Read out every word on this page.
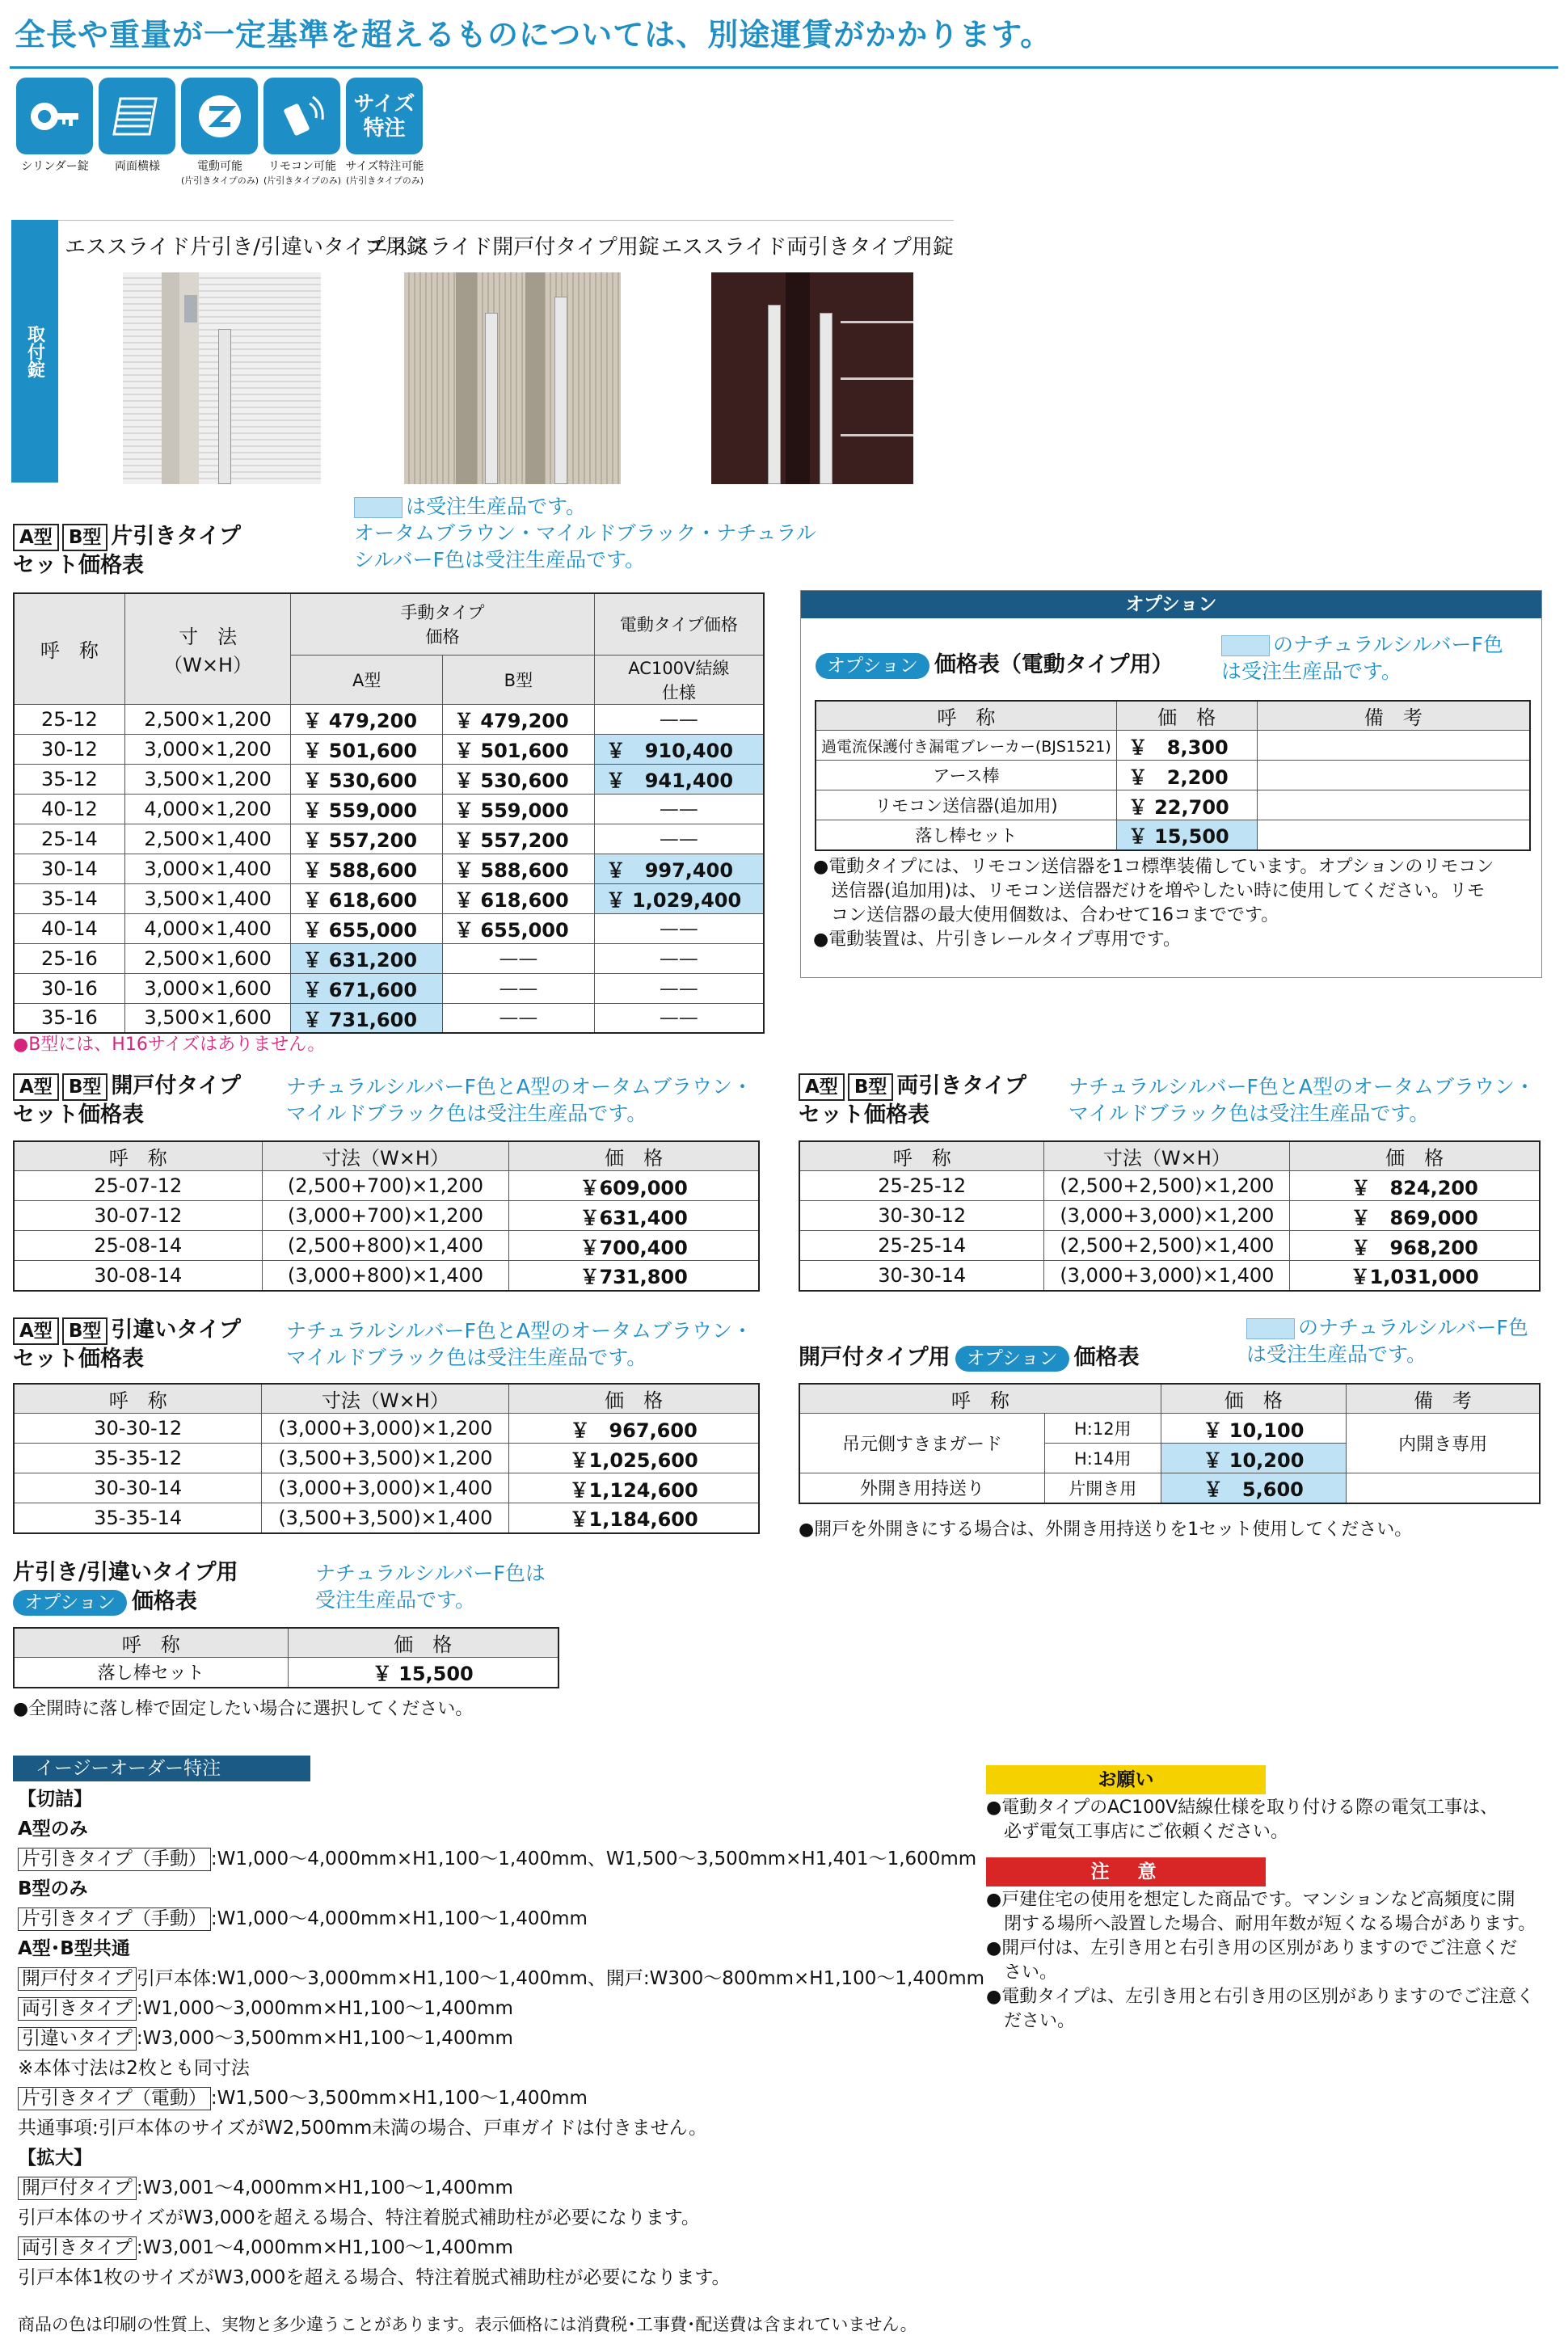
全長や重量が一定基準を超えるものについては、別途運賃がかかります。
サイズ特注
シリンダー錠	両面横様	電動可能
(片引きタイプのみ)
リモコン可能
(片引きタイプのみ)
サイズ特注可能
(片引きタイプのみ)
取付錠
エススライド片引き/引違いタイプ用錠
エススライド開戸付タイプ用錠 エススライド両引きタイプ用錠
は受注生産品です。
オータムブラウン・マイルドブラック・ナチュラル
シルバーF色は受注生産品です。
A型 B型 片引きタイプ
セット価格表
呼　称	寸　法
（W×H）	手動タイプ
価格		電動タイプ価格
		A型	B型	AC100V結線
仕様
25-12	2,500×1,200	￥ 479,200	￥ 479,200	——
30-12	3,000×1,200	￥ 501,600	￥ 501,600	￥　910,400
35-12	3,500×1,200	￥ 530,600	￥ 530,600	￥　941,400
40-12	4,000×1,200	￥ 559,000	￥ 559,000	——
25-14	2,500×1,400	￥ 557,200	￥ 557,200	——
30-14	3,000×1,400	￥ 588,600	￥ 588,600	￥　997,400
35-14	3,500×1,400	￥ 618,600	￥ 618,600	￥ 1,029,400
40-14	4,000×1,400	￥ 655,000	￥ 655,000	——
25-16	2,500×1,600	￥ 631,200	——	——
30-16	3,000×1,600	￥ 671,600	——	——
35-16	3,500×1,600	￥ 731,600	——	——
●B型には、H16サイズはありません。
オプション
オプション 価格表（電動タイプ用）
のナチュラルシルバーF色
は受注生産品です。
呼　称	価　格	備　考
過電流保護付き漏電ブレーカー(BJS1521)	￥　8,300	
アース棒	￥　2,200	
リモコン送信器(追加用)	￥ 22,700	
落し棒セット	￥ 15,500	
●電動タイプには、リモコン送信器を1コ標準装備しています。オプションのリモコン
　送信器(追加用)は、リモコン送信器だけを増やしたい時に使用してください。リモ
　コン送信器の最大使用個数は、合わせて16コまでです。
●電動装置は、片引きレールタイプ専用です。
A型 B型 開戸付タイプ
セット価格表
ナチュラルシルバーF色とA型のオータムブラウン・
マイルドブラック色は受注生産品です。
呼　称	寸法（W×H）	価　格
25-07-12	(2,500+700)×1,200	￥609,000
30-07-12	(3,000+700)×1,200	￥631,400
25-08-14	(2,500+800)×1,400	￥700,400
30-08-14	(3,000+800)×1,400	￥731,800
A型 B型 両引きタイプ
セット価格表
ナチュラルシルバーF色とA型のオータムブラウン・
マイルドブラック色は受注生産品です。
呼　称	寸法（W×H）	価　格
25-25-12	(2,500+2,500)×1,200	￥　824,200
30-30-12	(3,000+3,000)×1,200	￥　869,000
25-25-14	(2,500+2,500)×1,400	￥　968,200
30-30-14	(3,000+3,000)×1,400	￥1,031,000
A型 B型 引違いタイプ
セット価格表
ナチュラルシルバーF色とA型のオータムブラウン・
マイルドブラック色は受注生産品です。
呼　称	寸法（W×H）	価　格
30-30-12	(3,000+3,000)×1,200	￥　967,600
35-35-12	(3,500+3,500)×1,200	￥1,025,600
30-30-14	(3,000+3,000)×1,400	￥1,124,600
35-35-14	(3,500+3,500)×1,400	￥1,184,600
開戸付タイプ用 オプション 価格表
のナチュラルシルバーF色
は受注生産品です。
呼　称		価　格	備　考
吊元側すきまガード	H:12用	￥ 10,100	内開き専用
	H:14用	￥ 10,200	
外開き用持送り	片開き用	￥　5,600	
●開戸を外開きにする場合は、外開き用持送りを1セット使用してください。
片引き/引違いタイプ用
オプション 価格表
ナチュラルシルバーF色は
受注生産品です。
呼　称	価　格
落し棒セット	￥ 15,500
●全開時に落し棒で固定したい場合に選択してください。
イージーオーダー特注
【切詰】
A型のみ
片引きタイプ（手動） :W1,000～4,000mm×H1,100～1,400mm、W1,500～3,500mm×H1,401～1,600mm
B型のみ
片引きタイプ（手動） :W1,000～4,000mm×H1,100～1,400mm
A型･B型共通
開戸付タイプ 引戸本体:W1,000～3,000mm×H1,100～1,400mm、開戸:W300～800mm×H1,100～1,400mm
両引きタイプ :W1,000～3,000mm×H1,100～1,400mm
引違いタイプ :W3,000～3,500mm×H1,100～1,400mm
※本体寸法は2枚とも同寸法
片引きタイプ（電動） :W1,500～3,500mm×H1,100～1,400mm
共通事項:引戸本体のサイズがW2,500mm未満の場合、戸車ガイドは付きません。
【拡大】
開戸付タイプ :W3,001～4,000mm×H1,100～1,400mm
引戸本体のサイズがW3,000を超える場合、特注着脱式補助柱が必要になります。
両引きタイプ :W3,001～4,000mm×H1,100～1,400mm
引戸本体1枚のサイズがW3,000を超える場合、特注着脱式補助柱が必要になります。
お願い
●電動タイプのAC100V結線仕様を取り付ける際の電気工事は、
　必ず電気工事店にご依頼ください。
注　意
●戸建住宅の使用を想定した商品です。マンションなど高頻度に開
　閉する場所へ設置した場合、耐用年数が短くなる場合があります。
●開戸付は、左引き用と右引き用の区別がありますのでご注意くだ
　さい。
●電動タイプは、左引き用と右引き用の区別がありますのでご注意く
　ださい。
商品の色は印刷の性質上、実物と多少違うことがあります。表示価格には消費税･工事費･配送費は含まれていません。
